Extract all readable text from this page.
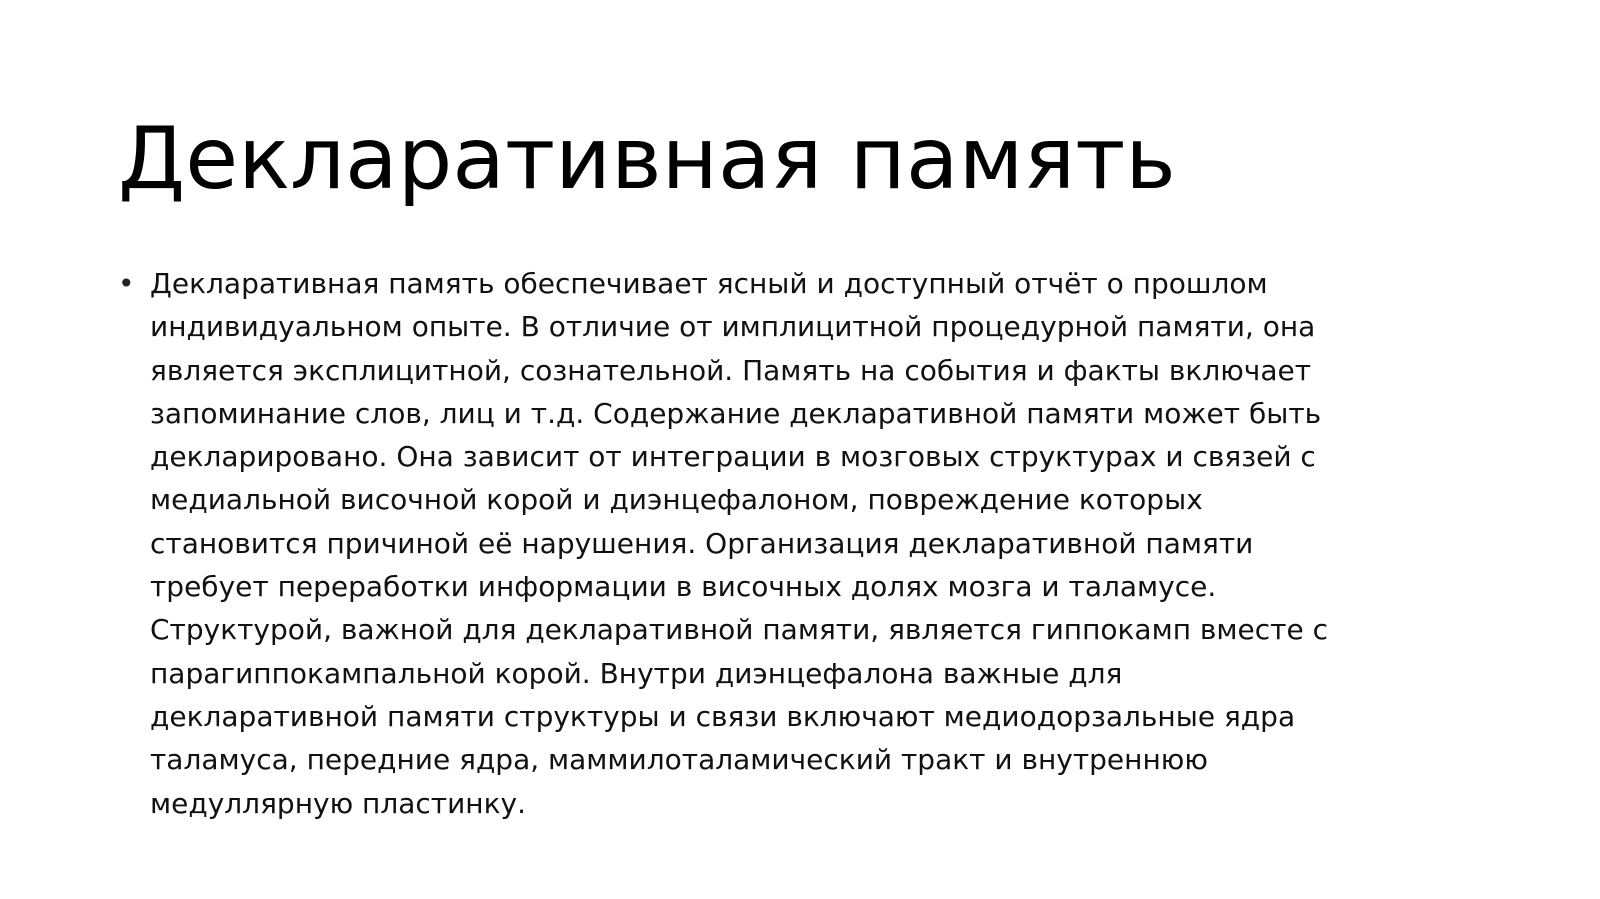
Декларативная память
• Декларативная память обеспечивает ясный и доступный отчёт о прошлом
индивидуальном опыте. В отличие от имплицитной процедурной памяти, она
является эксплицитной, сознательной. Память на события и факты включает
запоминание слов, лиц и т.д. Содержание декларативной памяти может быть
декларировано. Она зависит от интеграции в мозговых структурах и связей с
медиальной височной корой и диэнцефалоном, повреждение которых
становится причиной её нарушения. Организация декларативной памяти
требует переработки информации в височных долях мозга и таламусе.
Структурой, важной для декларативной памяти, является гиппокамп вместе с
парагиппокампальной корой. Внутри диэнцефалона важные для
декларативной памяти структуры и связи включают медиодорзальные ядра
таламуса, передние ядра, маммилоталамический тракт и внутреннюю
медуллярную пластинку.
